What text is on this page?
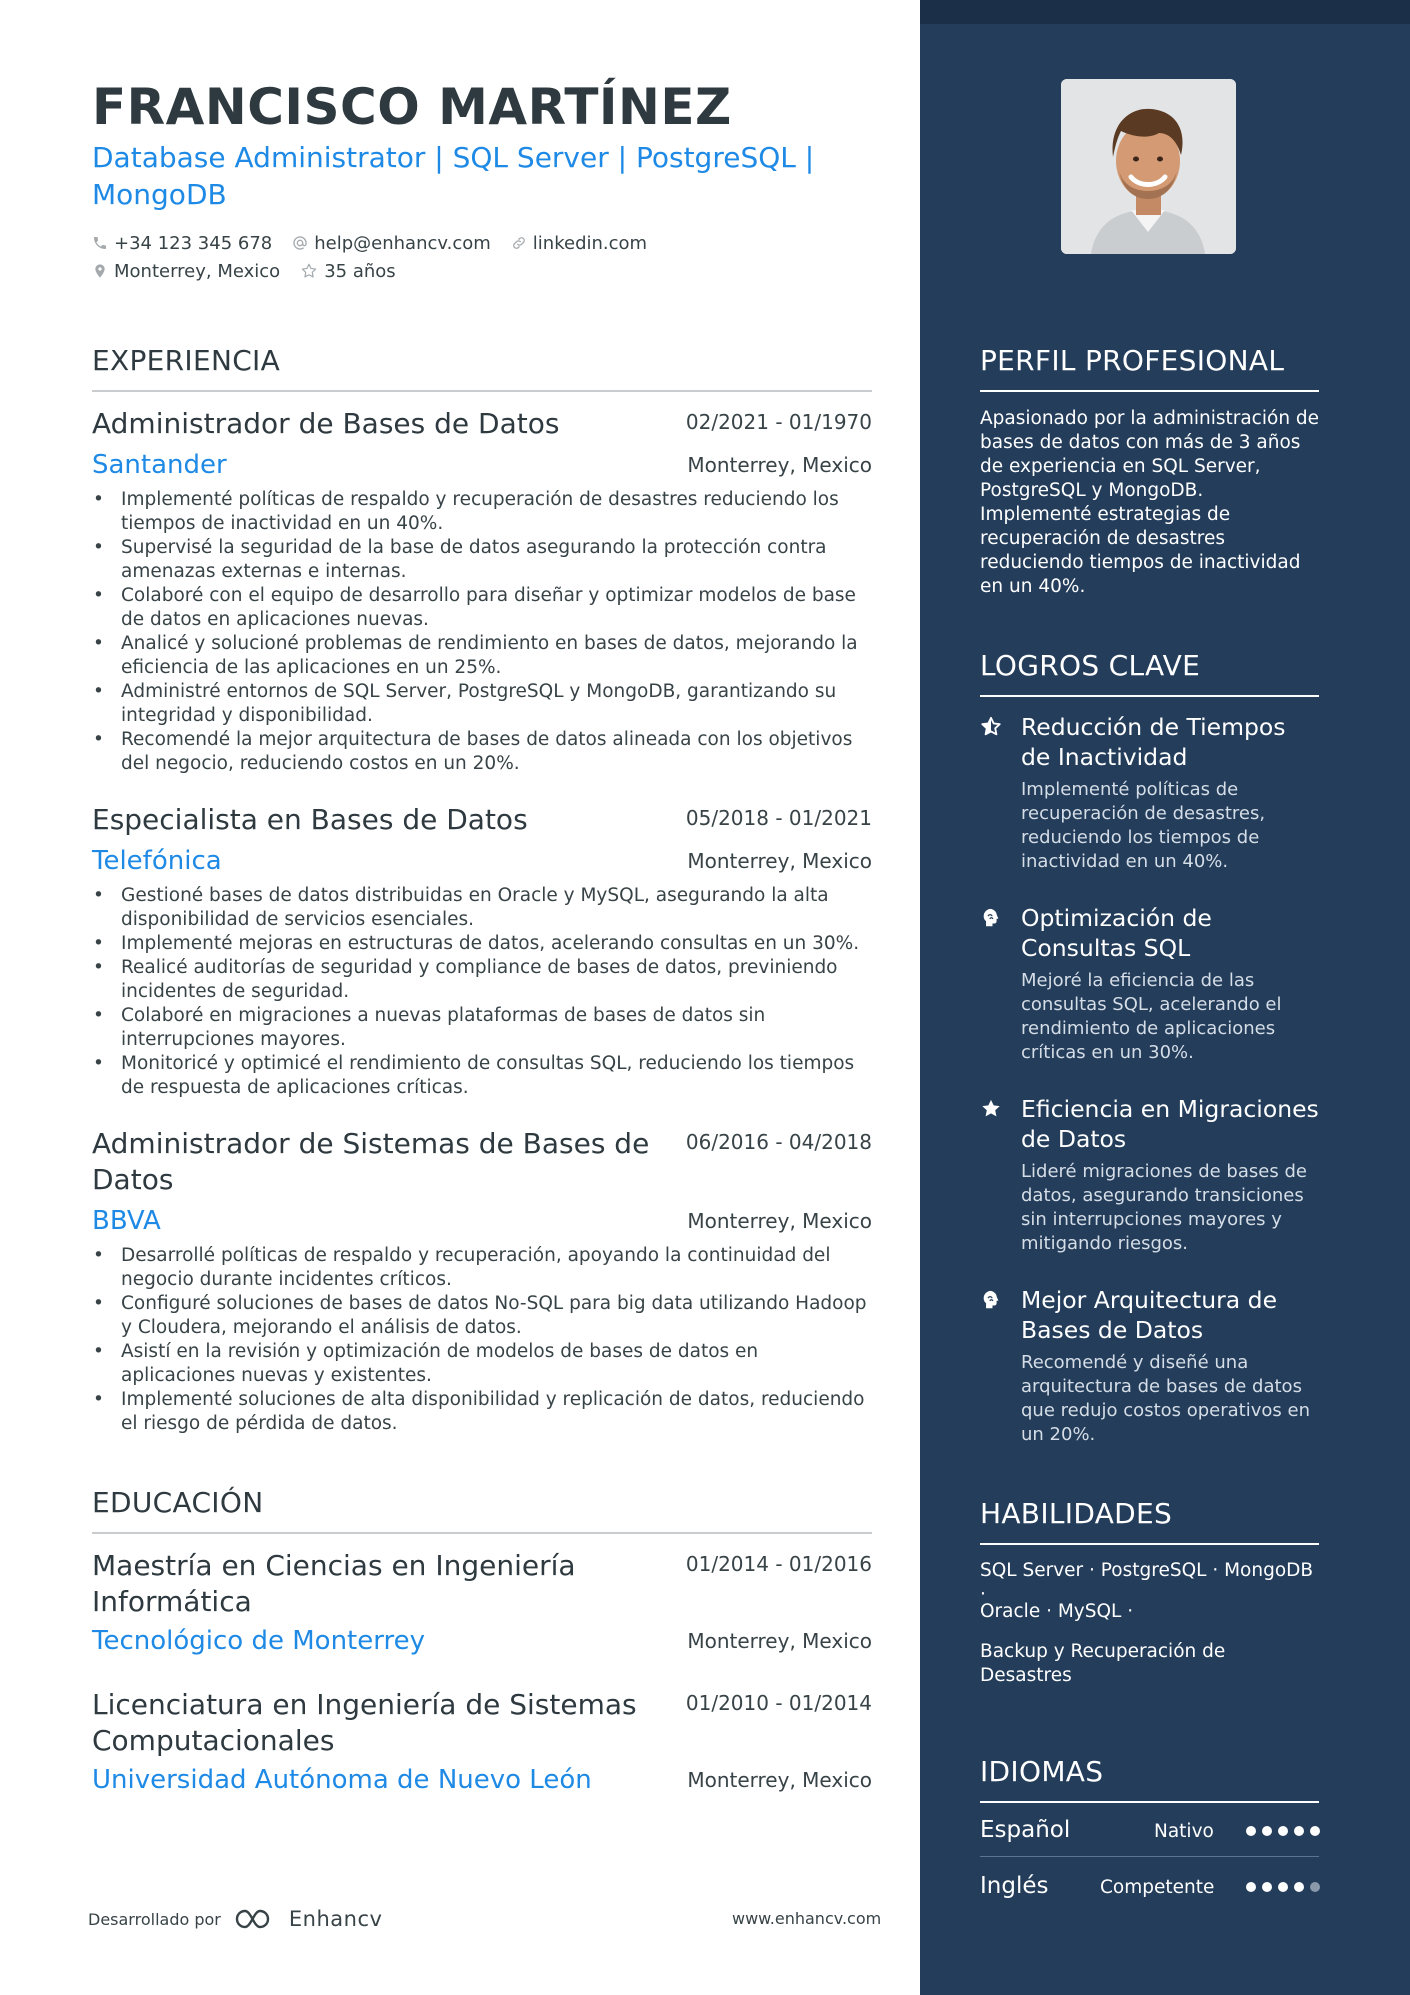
FRANCISCO MARTÍNEZ
Database Administrator | SQL Server | PostgreSQL | MongoDB
+34 123 345 678 help@enhancv.com linkedin.com
Monterrey, Mexico 35 años
EXPERIENCIA
Administrador de Bases de Datos	02/2021 - 01/1970
Santander	Monterrey, Mexico
• Implementé políticas de respaldo y recuperación de desastres reduciendo los tiempos de inactividad en un 40%.
• Supervisé la seguridad de la base de datos asegurando la protección contra amenazas externas e internas.
• Colaboré con el equipo de desarrollo para diseñar y optimizar modelos de base de datos en aplicaciones nuevas.
• Analicé y solucioné problemas de rendimiento en bases de datos, mejorando la eficiencia de las aplicaciones en un 25%.
• Administré entornos de SQL Server, PostgreSQL y MongoDB, garantizando su integridad y disponibilidad.
• Recomendé la mejor arquitectura de bases de datos alineada con los objetivos del negocio, reduciendo costos en un 20%.
Especialista en Bases de Datos	05/2018 - 01/2021
Telefónica	Monterrey, Mexico
• Gestioné bases de datos distribuidas en Oracle y MySQL, asegurando la alta disponibilidad de servicios esenciales.
• Implementé mejoras en estructuras de datos, acelerando consultas en un 30%.
• Realicé auditorías de seguridad y compliance de bases de datos, previniendo incidentes de seguridad.
• Colaboré en migraciones a nuevas plataformas de bases de datos sin interrupciones mayores.
• Monitoricé y optimicé el rendimiento de consultas SQL, reduciendo los tiempos de respuesta de aplicaciones críticas.
Administrador de Sistemas de Bases de Datos
06/2016 - 04/2018
BBVA	Monterrey, Mexico
• Desarrollé políticas de respaldo y recuperación, apoyando la continuidad del negocio durante incidentes críticos.
• Configuré soluciones de bases de datos No-SQL para big data utilizando Hadoop y Cloudera, mejorando el análisis de datos.
• Asistí en la revisión y optimización de modelos de bases de datos en aplicaciones nuevas y existentes.
• Implementé soluciones de alta disponibilidad y replicación de datos, reduciendo el riesgo de pérdida de datos.
EDUCACIÓN
Maestría en Ciencias en Ingeniería Informática
01/2014 - 01/2016
Tecnológico de Monterrey	Monterrey, Mexico
Licenciatura en Ingeniería de Sistemas Computacionales
01/2010 - 01/2014
Universidad Autónoma de Nuevo León	Monterrey, Mexico
Desarrollado por	Enhancv	www.enhancv.com
PERFIL PROFESIONAL
Apasionado por la administración de bases de datos con más de 3 años de experiencia en SQL Server, PostgreSQL y MongoDB. Implementé estrategias de recuperación de desastres reduciendo tiempos de inactividad en un 40%.
LOGROS CLAVE
Reducción de Tiempos de Inactividad
Implementé políticas de recuperación de desastres, reduciendo los tiempos de inactividad en un 40%.
Optimización de Consultas SQL
Mejoré la eficiencia de las consultas SQL, acelerando el rendimiento de aplicaciones críticas en un 30%.
Eficiencia en Migraciones de Datos
Lideré migraciones de bases de datos, asegurando transiciones sin interrupciones mayores y mitigando riesgos.
Mejor Arquitectura de Bases de Datos
Recomendé y diseñé una arquitectura de bases de datos que redujo costos operativos en un 20%.
HABILIDADES
SQL Server · PostgreSQL · MongoDB ·
Oracle · MySQL ·
Backup y Recuperación de Desastres
IDIOMAS
Español	Nativo
Inglés	Competente
